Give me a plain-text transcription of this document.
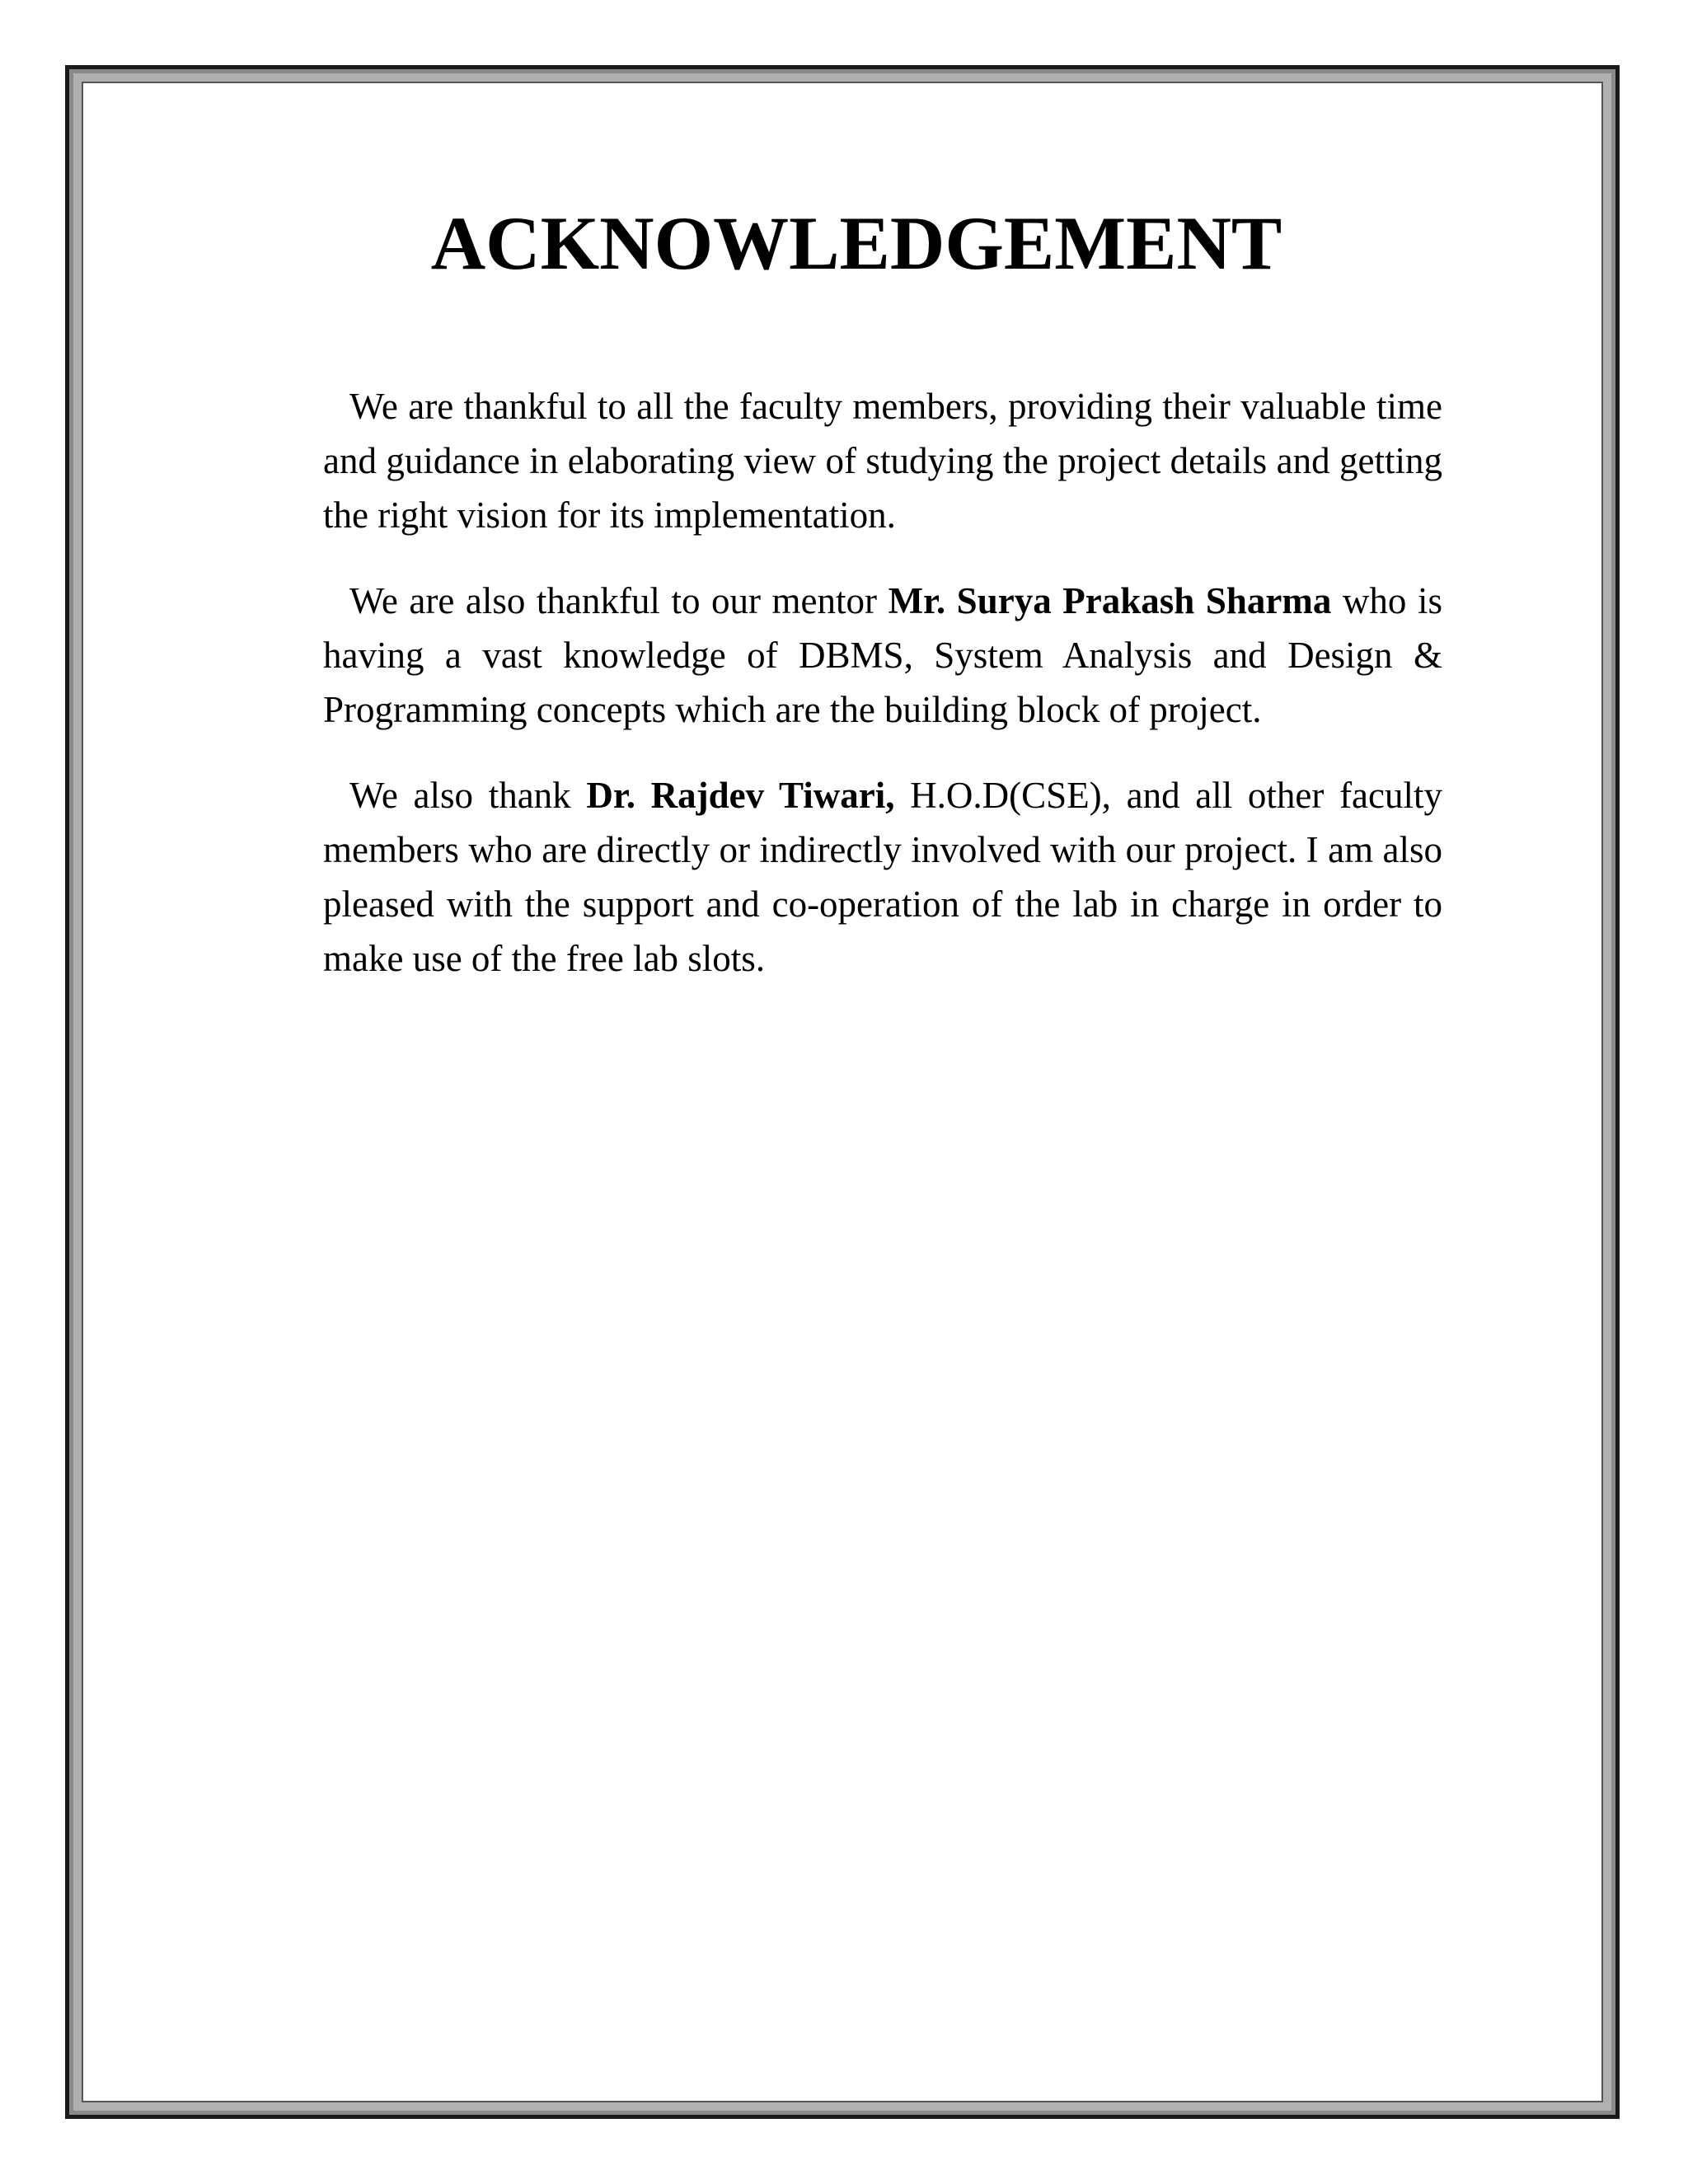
ACKNOWLEDGEMENT

We are thankful to all the faculty members, providing their valuable time and guidance in elaborating view of studying the project details and getting the right vision for its implementation.

We are also thankful to our mentor Mr. Surya Prakash Sharma who is having a vast knowledge of DBMS, System Analysis and Design & Programming concepts which are the building block of project.

We also thank Dr. Rajdev Tiwari, H.O.D(CSE), and all other faculty members who are directly or indirectly involved with our project. I am also pleased with the support and co-operation of the lab in charge in order to make use of the free lab slots.
